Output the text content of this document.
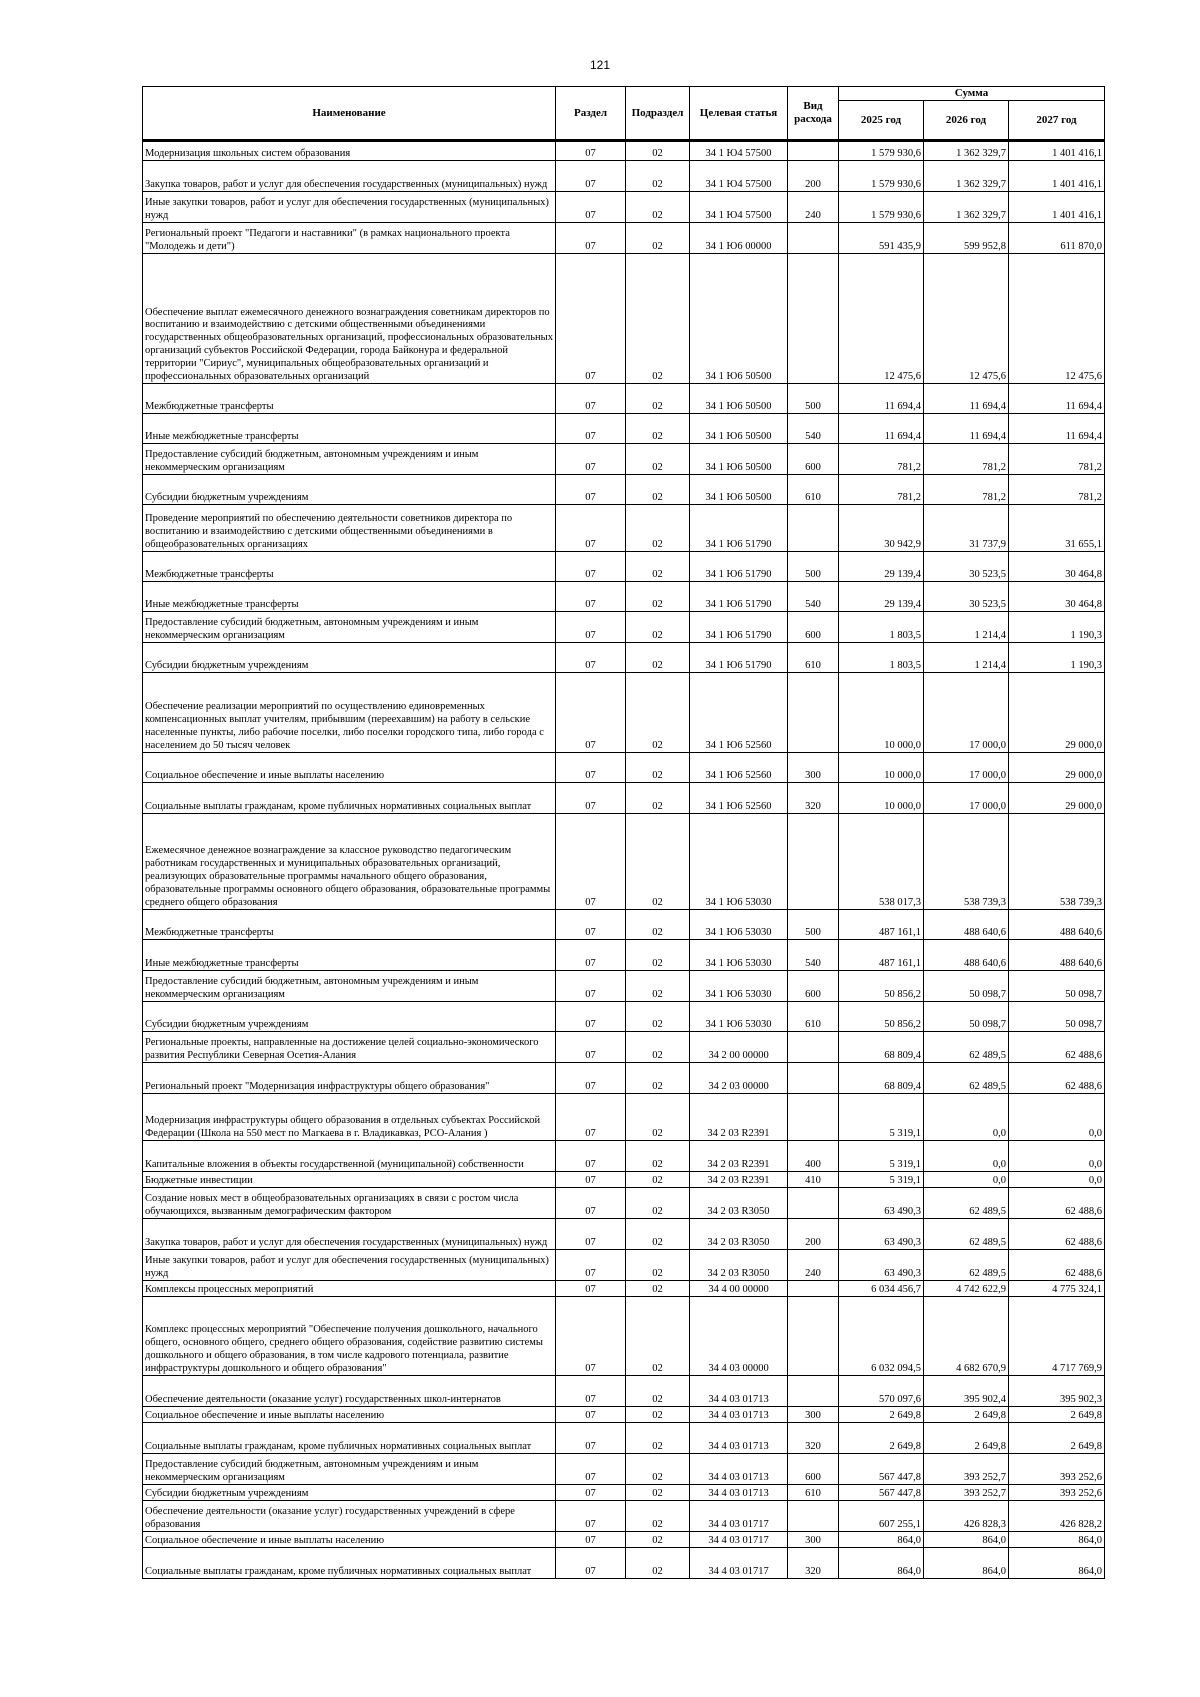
121
Наименование	Раздел	Подраздел	Целевая статья	Вид расхода	Сумма		
					2025 год	2026 год	2027 год
Модернизация школьных систем образования	07	02	34 1 Ю4 57500		1 579 930,6	1 362 329,7	1 401 416,1
Закупка товаров, работ и услуг для обеспечения государственных (муниципальных) нужд	07	02	34 1 Ю4 57500	200	1 579 930,6	1 362 329,7	1 401 416,1
Иные закупки товаров, работ и услуг для обеспечения государственных (муниципальных) нужд	07	02	34 1 Ю4 57500	240	1 579 930,6	1 362 329,7	1 401 416,1
Региональный проект "Педагоги и наставники" (в рамках национального проекта "Молодежь и дети")	07	02	34 1 Ю6 00000		591 435,9	599 952,8	611 870,0
Обеспечение выплат ежемесячного денежного вознаграждения советникам директоров по воспитанию и взаимодействию с детскими общественными объединениями государственных общеобразовательных организаций, профессиональных образовательных организаций субъектов Российской Федерации, города Байконура и федеральной территории "Сириус", муниципальных общеобразовательных организаций и профессиональных образовательных организаций	07	02	34 1 Ю6 50500		12 475,6	12 475,6	12 475,6
Межбюджетные трансферты	07	02	34 1 Ю6 50500	500	11 694,4	11 694,4	11 694,4
Иные межбюджетные трансферты	07	02	34 1 Ю6 50500	540	11 694,4	11 694,4	11 694,4
Предоставление субсидий бюджетным, автономным учреждениям и иным некоммерческим организациям	07	02	34 1 Ю6 50500	600	781,2	781,2	781,2
Субсидии бюджетным учреждениям	07	02	34 1 Ю6 50500	610	781,2	781,2	781,2
Проведение мероприятий по обеспечению деятельности советников директора по воспитанию и взаимодействию с детскими общественными объединениями в общеобразовательных организациях	07	02	34 1 Ю6 51790		30 942,9	31 737,9	31 655,1
Межбюджетные трансферты	07	02	34 1 Ю6 51790	500	29 139,4	30 523,5	30 464,8
Иные межбюджетные трансферты	07	02	34 1 Ю6 51790	540	29 139,4	30 523,5	30 464,8
Предоставление субсидий бюджетным, автономным учреждениям и иным некоммерческим организациям	07	02	34 1 Ю6 51790	600	1 803,5	1 214,4	1 190,3
Субсидии бюджетным учреждениям	07	02	34 1 Ю6 51790	610	1 803,5	1 214,4	1 190,3
Обеспечение реализации мероприятий по осуществлению единовременных компенсационных выплат учителям, прибывшим (переехавшим) на работу в сельские населенные пункты, либо рабочие поселки, либо поселки городского типа, либо города с населением до 50 тысяч человек	07	02	34 1 Ю6 52560		10 000,0	17 000,0	29 000,0
Социальное обеспечение и иные выплаты населению	07	02	34 1 Ю6 52560	300	10 000,0	17 000,0	29 000,0
Социальные выплаты гражданам, кроме публичных нормативных социальных выплат	07	02	34 1 Ю6 52560	320	10 000,0	17 000,0	29 000,0
Ежемесячное денежное вознаграждение за классное руководство педагогическим работникам государственных и муниципальных образовательных организаций, реализующих образовательные программы начального общего образования, образовательные программы основного общего образования, образовательные программы среднего общего образования	07	02	34 1 Ю6 53030		538 017,3	538 739,3	538 739,3
Межбюджетные трансферты	07	02	34 1 Ю6 53030	500	487 161,1	488 640,6	488 640,6
Иные межбюджетные трансферты	07	02	34 1 Ю6 53030	540	487 161,1	488 640,6	488 640,6
Предоставление субсидий бюджетным, автономным учреждениям и иным некоммерческим организациям	07	02	34 1 Ю6 53030	600	50 856,2	50 098,7	50 098,7
Субсидии бюджетным учреждениям	07	02	34 1 Ю6 53030	610	50 856,2	50 098,7	50 098,7
Региональные проекты, направленные на достижение целей социально-экономического развития Республики Северная Осетия-Алания	07	02	34 2 00 00000		68 809,4	62 489,5	62 488,6
Региональный проект "Модернизация инфраструктуры общего образования"	07	02	34 2 03 00000		68 809,4	62 489,5	62 488,6
Модернизация инфраструктуры общего образования в отдельных субъектах Российской Федерации (Школа на 550 мест по Магкаева в г. Владикавказ, РСО-Алания )	07	02	34 2 03 R2391		5 319,1	0,0	0,0
Капитальные вложения в объекты государственной (муниципальной) собственности	07	02	34 2 03 R2391	400	5 319,1	0,0	0,0
Бюджетные инвестиции	07	02	34 2 03 R2391	410	5 319,1	0,0	0,0
Создание новых мест в общеобразовательных организациях в связи с ростом числа обучающихся, вызванным демографическим фактором	07	02	34 2 03 R3050		63 490,3	62 489,5	62 488,6
Закупка товаров, работ и услуг для обеспечения государственных (муниципальных) нужд	07	02	34 2 03 R3050	200	63 490,3	62 489,5	62 488,6
Иные закупки товаров, работ и услуг для обеспечения государственных (муниципальных) нужд	07	02	34 2 03 R3050	240	63 490,3	62 489,5	62 488,6
Комплексы процессных мероприятий	07	02	34 4 00 00000		6 034 456,7	4 742 622,9	4 775 324,1
Комплекс процессных мероприятий "Обеспечение получения дошкольного, начального общего, основного общего, среднего общего образования, содействие развитию системы дошкольного и общего образования, в том числе кадрового потенциала, развитие инфраструктуры дошкольного и общего образования"	07	02	34 4 03 00000		6 032 094,5	4 682 670,9	4 717 769,9
Обеспечение деятельности (оказание услуг) государственных школ-интернатов	07	02	34 4 03 01713		570 097,6	395 902,4	395 902,3
Социальное обеспечение и иные выплаты населению	07	02	34 4 03 01713	300	2 649,8	2 649,8	2 649,8
Социальные выплаты гражданам, кроме публичных нормативных социальных выплат	07	02	34 4 03 01713	320	2 649,8	2 649,8	2 649,8
Предоставление субсидий бюджетным, автономным учреждениям и иным некоммерческим организациям	07	02	34 4 03 01713	600	567 447,8	393 252,7	393 252,6
Субсидии бюджетным учреждениям	07	02	34 4 03 01713	610	567 447,8	393 252,7	393 252,6
Обеспечение деятельности (оказание услуг) государственных учреждений в сфере образования	07	02	34 4 03 01717		607 255,1	426 828,3	426 828,2
Социальное обеспечение и иные выплаты населению	07	02	34 4 03 01717	300	864,0	864,0	864,0
Социальные выплаты гражданам, кроме публичных нормативных социальных выплат	07	02	34 4 03 01717	320	864,0	864,0	864,0
